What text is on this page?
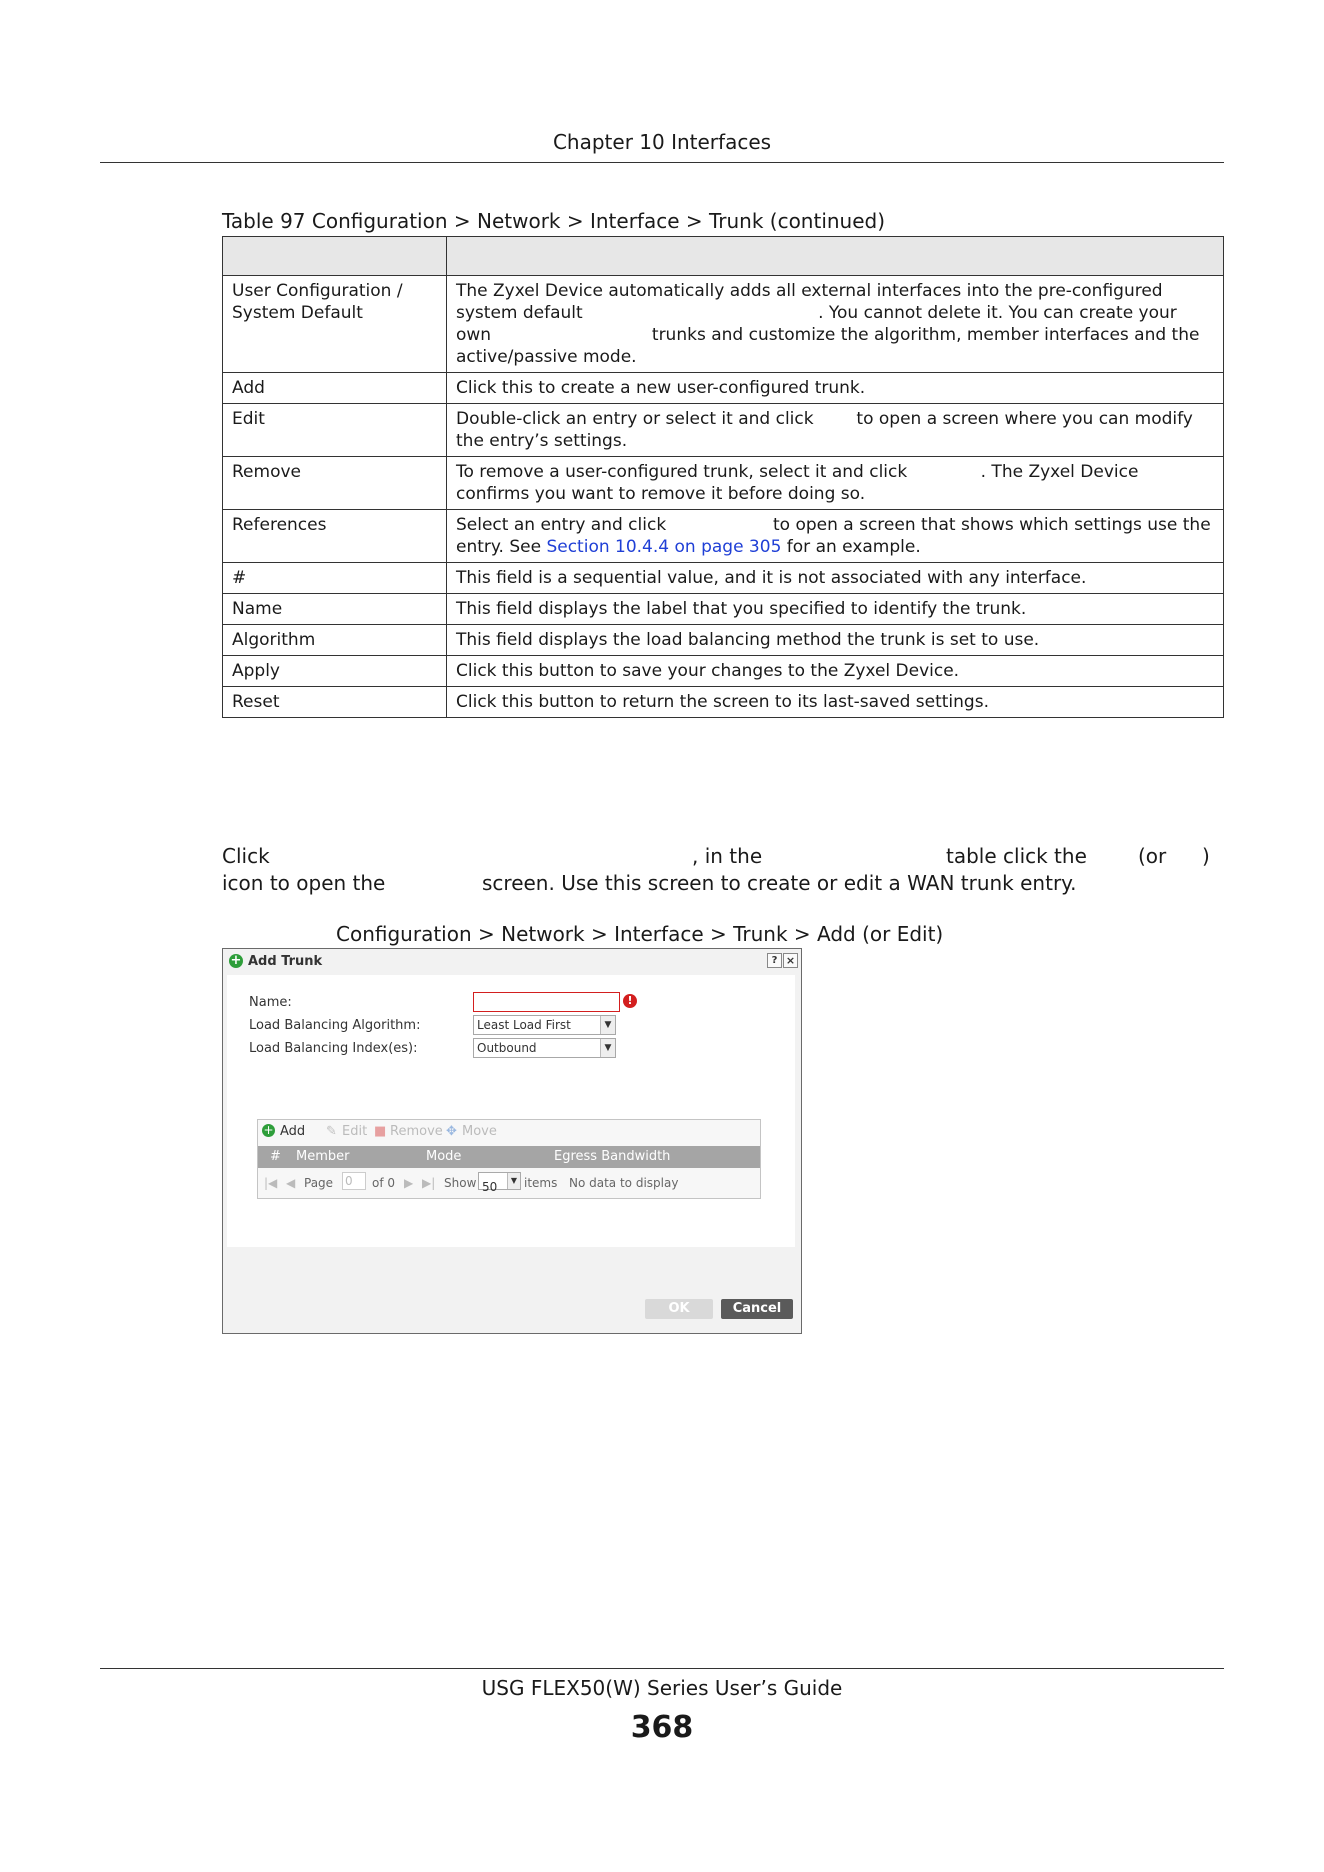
Chapter 10 Interfaces
Table 97 Configuration > Network > Interface > Trunk (continued)

User Configuration / System Default	The Zyxel Device automatically adds all external interfaces into the pre-configured system default . You cannot delete it. You can create your own trunks and customize the algorithm, member interfaces and the active/passive mode.
Add	Click this to create a new user-configured trunk.
Edit	Double-click an entry or select it and click to open a screen where you can modify the entry’s settings.
Remove	To remove a user-configured trunk, select it and click . The Zyxel Device confirms you want to remove it before doing so.
References	Select an entry and click to open a screen that shows which settings use the entry. See Section 10.4.4 on page 305 for an example.
#	This field is a sequential value, and it is not associated with any interface.
Name	This field displays the label that you specified to identify the trunk.
Algorithm	This field displays the load balancing method the trunk is set to use.
Apply	Click this button to save your changes to the Zyxel Device.
Reset	Click this button to return the screen to its last-saved settings.
Click	, in the	table click the	(or )
icon to open the	screen. Use this screen to create or edit a WAN trunk entry.
Configuration > Network > Interface > Trunk > Add (or Edit)
+ Add Trunk	? ×
Name:	!
Load Balancing Algorithm:	Least Load First	▼
Load Balancing Index(es):	Outbound	▼
+ Add ✎ Edit ■ Remove ✥ Move
# Member	Mode	Egress Bandwidth
|◀ ◀ Page 0	of 0 ▶ ▶| Show 50	▼ items No data to display
OK	Cancel
USG FLEX50(W) Series User’s Guide
368
